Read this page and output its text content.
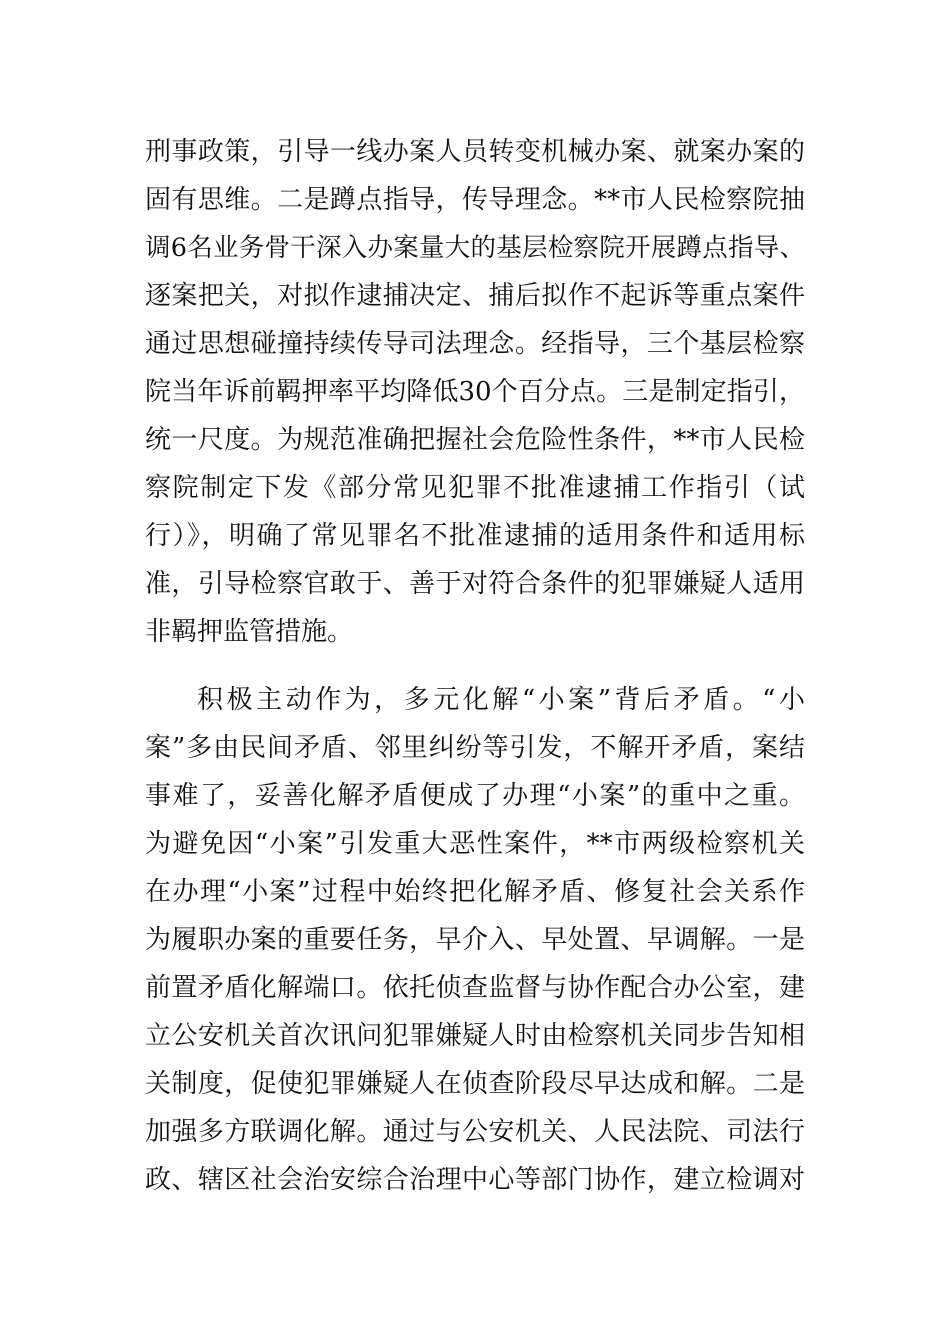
刑事政策，引导一线办案人员转变机械办案、就案办案的
固有思维。二是蹲点指导，传导理念。**市人民检察院抽
调6名业务骨干深入办案量大的基层检察院开展蹲点指导、
逐案把关，对拟作逮捕决定、捕后拟作不起诉等重点案件
通过思想碰撞持续传导司法理念。经指导，三个基层检察
院当年诉前羁押率平均降低30个百分点。三是制定指引，
统一尺度。为规范准确把握社会危险性条件，**市人民检
察院制定下发《部分常见犯罪不批准逮捕工作指引（试
行）》，明确了常见罪名不批准逮捕的适用条件和适用标
准，引导检察官敢于、善于对符合条件的犯罪嫌疑人适用
非羁押监管措施。
积极主动作为，多元化解“小案”背后矛盾。“小
案”多由民间矛盾、邻里纠纷等引发，不解开矛盾，案结
事难了，妥善化解矛盾便成了办理“小案”的重中之重。
为避免因“小案”引发重大恶性案件，**市两级检察机关
在办理“小案”过程中始终把化解矛盾、修复社会关系作
为履职办案的重要任务，早介入、早处置、早调解。一是
前置矛盾化解端口。依托侦查监督与协作配合办公室，建
立公安机关首次讯问犯罪嫌疑人时由检察机关同步告知相
关制度，促使犯罪嫌疑人在侦查阶段尽早达成和解。二是
加强多方联调化解。通过与公安机关、人民法院、司法行
政、辖区社会治安综合治理中心等部门协作，建立检调对
